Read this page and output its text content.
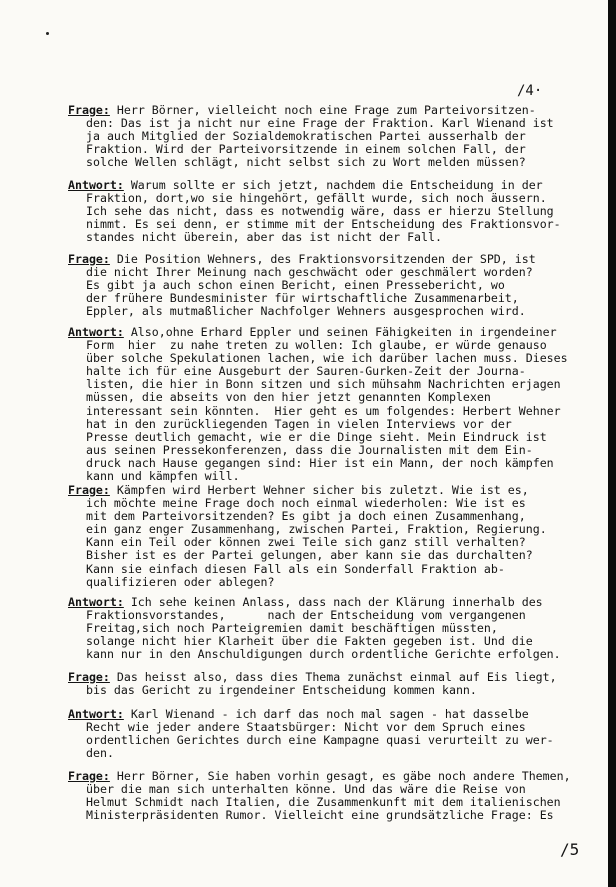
/4·
/5
Frage: Herr Börner, vielleicht noch eine Frage zum Parteivorsitzen-
den: Das ist ja nicht nur eine Frage der Fraktion. Karl Wienand ist
ja auch Mitglied der Sozialdemokratischen Partei ausserhalb der
Fraktion. Wird der Parteivorsitzende in einem solchen Fall, der
solche Wellen schlägt, nicht selbst sich zu Wort melden müssen?
Antwort: Warum sollte er sich jetzt, nachdem die Entscheidung in der
Fraktion, dort,wo sie hingehört, gefällt wurde, sich noch äussern.
Ich sehe das nicht, dass es notwendig wäre, dass er hierzu Stellung
nimmt. Es sei denn, er stimme mit der Entscheidung des Fraktionsvor-
standes nicht überein, aber das ist nicht der Fall.
Frage: Die Position Wehners, des Fraktionsvorsitzenden der SPD, ist
die nicht Ihrer Meinung nach geschwächt oder geschmälert worden?
Es gibt ja auch schon einen Bericht, einen Pressebericht, wo
der frühere Bundesminister für wirtschaftliche Zusammenarbeit,
Eppler, als mutmaßlicher Nachfolger Wehners ausgesprochen wird.
Antwort: Also,ohne Erhard Eppler und seinen Fähigkeiten in irgendeiner
Form  hier  zu nahe treten zu wollen: Ich glaube, er würde genauso
über solche Spekulationen lachen, wie ich darüber lachen muss. Dieses
halte ich für eine Ausgeburt der Sauren-Gurken-Zeit der Journa-
listen, die hier in Bonn sitzen und sich mühsahm Nachrichten erjagen
müssen, die abseits von den hier jetzt genannten Komplexen
interessant sein könnten.  Hier geht es um folgendes: Herbert Wehner
hat in den zurückliegenden Tagen in vielen Interviews vor der
Presse deutlich gemacht, wie er die Dinge sieht. Mein Eindruck ist
aus seinen Pressekonferenzen, dass die Journalisten mit dem Ein-
druck nach Hause gegangen sind: Hier ist ein Mann, der noch kämpfen
kann und kämpfen will.
Frage: Kämpfen wird Herbert Wehner sicher bis zuletzt. Wie ist es,
ich möchte meine Frage doch noch einmal wiederholen: Wie ist es
mit dem Parteivorsitzenden? Es gibt ja doch einen Zusammenhang,
ein ganz enger Zusammenhang, zwischen Partei, Fraktion, Regierung.
Kann ein Teil oder können zwei Teile sich ganz still verhalten?
Bisher ist es der Partei gelungen, aber kann sie das durchalten?
Kann sie einfach diesen Fall als ein Sonderfall Fraktion ab-
qualifizieren oder ablegen?
Antwort: Ich sehe keinen Anlass, dass nach der Klärung innerhalb des
Fraktionsvorstandes,      nach der Entscheidung vom vergangenen
Freitag,sich noch Parteigremien damit beschäftigen müssten,
solange nicht hier Klarheit über die Fakten gegeben ist. Und die
kann nur in den Anschuldigungen durch ordentliche Gerichte erfolgen.
Frage: Das heisst also, dass dies Thema zunächst einmal auf Eis liegt,
bis das Gericht zu irgendeiner Entscheidung kommen kann.
Antwort: Karl Wienand - ich darf das noch mal sagen - hat dasselbe
Recht wie jeder andere Staatsbürger: Nicht vor dem Spruch eines
ordentlichen Gerichtes durch eine Kampagne quasi verurteilt zu wer-
den.
Frage: Herr Börner, Sie haben vorhin gesagt, es gäbe noch andere Themen,
über die man sich unterhalten könne. Und das wäre die Reise von
Helmut Schmidt nach Italien, die Zusammenkunft mit dem italienischen
Ministerpräsidenten Rumor. Vielleicht eine grundsätzliche Frage: Es
